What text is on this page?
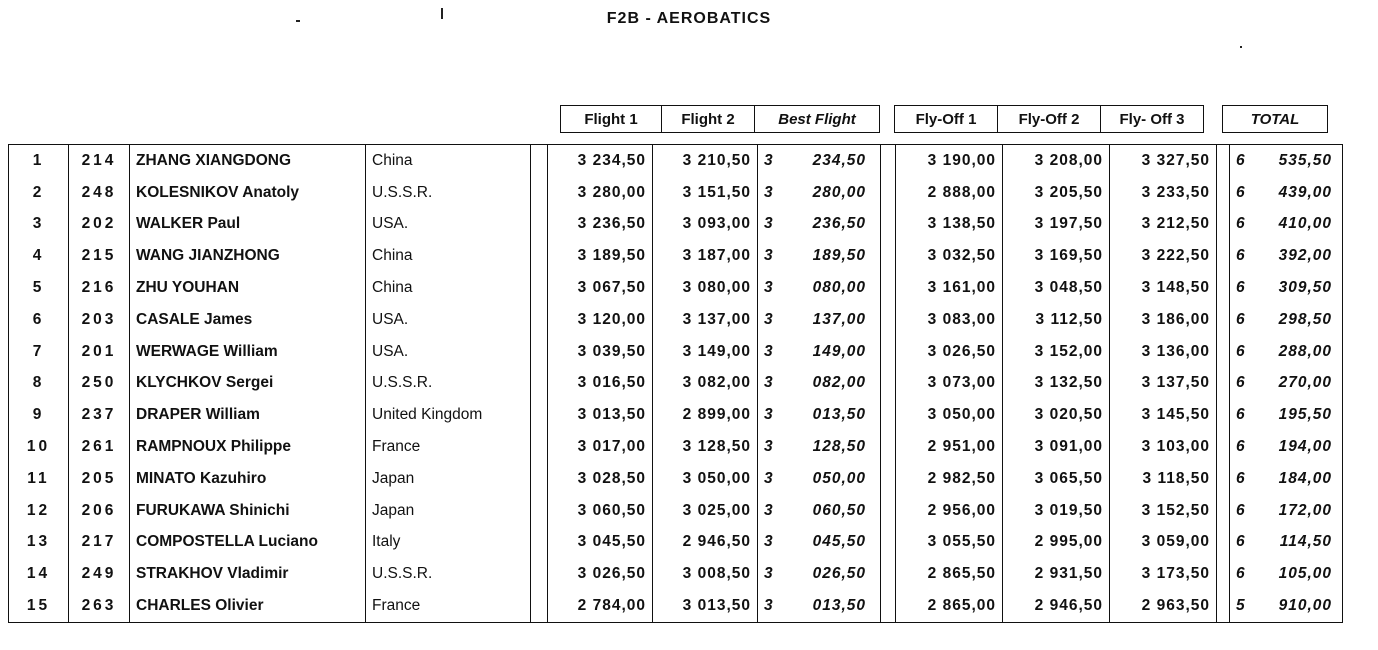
F2B - AEROBATICS
Flight 1	Flight 2	Best Flight		Fly-Off 1	Fly-Off 2	Fly- Off 3		TOTAL
1	214	ZHANG XIANGDONG	China		3 234,50	3 210,50	3 234,50		3 190,00	3 208,00	3 327,50		6 535,50
2	248	KOLESNIKOV Anatoly	U.S.S.R.		3 280,00	3 151,50	3 280,00		2 888,00	3 205,50	3 233,50		6 439,00
3	202	WALKER Paul	USA.		3 236,50	3 093,00	3 236,50		3 138,50	3 197,50	3 212,50		6 410,00
4	215	WANG JIANZHONG	China		3 189,50	3 187,00	3 189,50		3 032,50	3 169,50	3 222,50		6 392,00
5	216	ZHU YOUHAN	China		3 067,50	3 080,00	3 080,00		3 161,00	3 048,50	3 148,50		6 309,50
6	203	CASALE James	USA.		3 120,00	3 137,00	3 137,00		3 083,00	3 112,50	3 186,00		6 298,50
7	201	WERWAGE William	USA.		3 039,50	3 149,00	3 149,00		3 026,50	3 152,00	3 136,00		6 288,00
8	250	KLYCHKOV Sergei	U.S.S.R.		3 016,50	3 082,00	3 082,00		3 073,00	3 132,50	3 137,50		6 270,00
9	237	DRAPER William	United Kingdom		3 013,50	2 899,00	3 013,50		3 050,00	3 020,50	3 145,50		6 195,50
10	261	RAMPNOUX Philippe	France		3 017,00	3 128,50	3 128,50		2 951,00	3 091,00	3 103,00		6 194,00
11	205	MINATO Kazuhiro	Japan		3 028,50	3 050,00	3 050,00		2 982,50	3 065,50	3 118,50		6 184,00
12	206	FURUKAWA Shinichi	Japan		3 060,50	3 025,00	3 060,50		2 956,00	3 019,50	3 152,50		6 172,00
13	217	COMPOSTELLA Luciano	Italy		3 045,50	2 946,50	3 045,50		3 055,50	2 995,00	3 059,00		6 114,50
14	249	STRAKHOV Vladimir	U.S.S.R.		3 026,50	3 008,50	3 026,50		2 865,50	2 931,50	3 173,50		6 105,00
15	263	CHARLES Olivier	France		2 784,00	3 013,50	3 013,50		2 865,00	2 946,50	2 963,50		5 910,00
